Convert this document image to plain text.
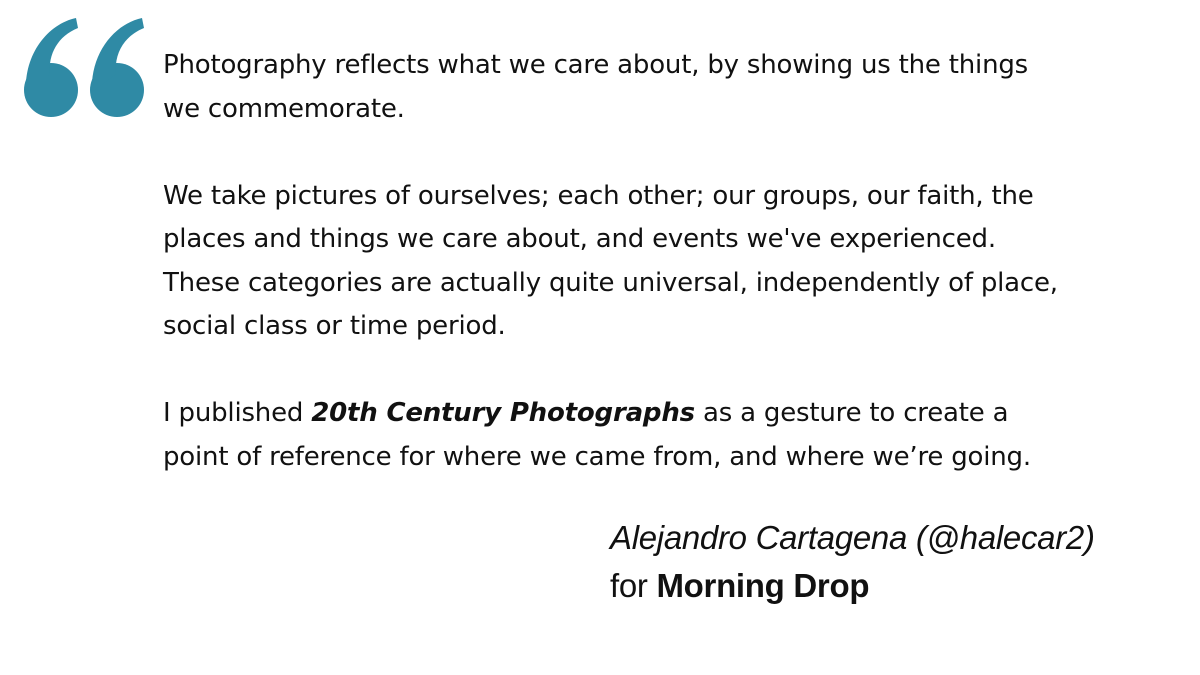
Photography reflects what we care about, by showing us the things we commemorate.

We take pictures of ourselves; each other; our groups, our faith, the places and things we care about, and events we've experienced. These categories are actually quite universal, independently of place, social class or time period.

I published 20th Century Photographs as a gesture to create a point of reference for where we came from, and where we’re going.

Alejandro Cartagena (@halecar2)
for Morning Drop
